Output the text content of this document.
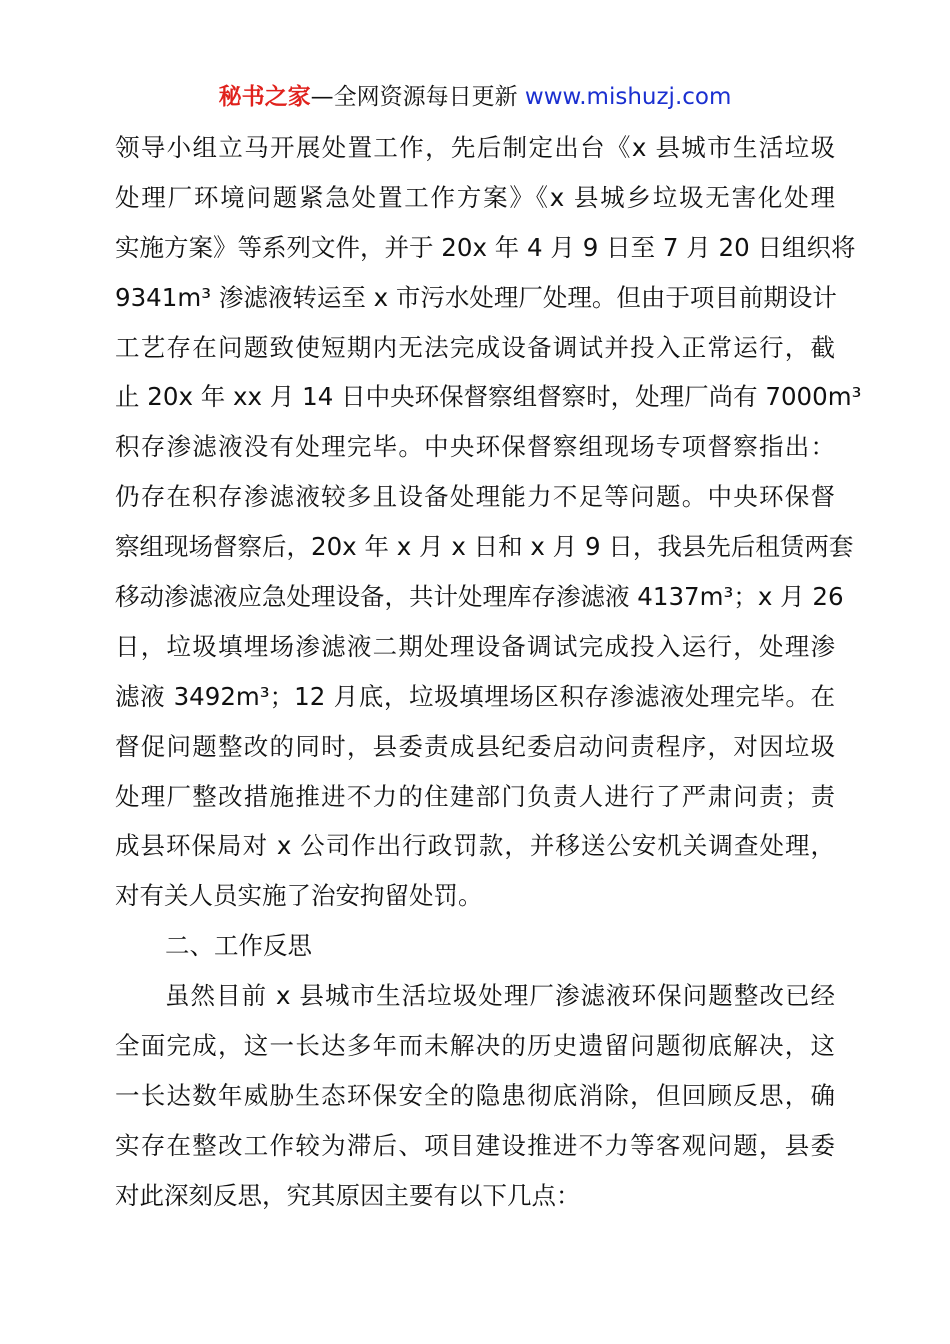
秘书之家—全网资源每日更新 www.mishuzj.com
领导小组立马开展处置工作，先后制定出台《x 县城市生活垃圾
处理厂环境问题紧急处置工作方案》《x 县城乡垃圾无害化处理
实施方案》等系列文件，并于 20x 年 4 月 9 日至 7 月 20 日组织将
9341m³ 渗滤液转运至 x 市污水处理厂处理。但由于项目前期设计
工艺存在问题致使短期内无法完成设备调试并投入正常运行，截
止 20x 年 xx 月 14 日中央环保督察组督察时，处理厂尚有 7000m³
积存渗滤液没有处理完毕。中央环保督察组现场专项督察指出：
仍存在积存渗滤液较多且设备处理能力不足等问题。中央环保督
察组现场督察后，20x 年 x 月 x 日和 x 月 9 日，我县先后租赁两套
移动渗滤液应急处理设备，共计处理库存渗滤液 4137m³；x 月 26
日，垃圾填埋场渗滤液二期处理设备调试完成投入运行，处理渗
滤液 3492m³；12 月底，垃圾填埋场区积存渗滤液处理完毕。在
督促问题整改的同时，县委责成县纪委启动问责程序，对因垃圾
处理厂整改措施推进不力的住建部门负责人进行了严肃问责；责
成县环保局对 x 公司作出行政罚款，并移送公安机关调查处理，
对有关人员实施了治安拘留处罚。
二、工作反思
虽然目前 x 县城市生活垃圾处理厂渗滤液环保问题整改已经
全面完成，这一长达多年而未解决的历史遗留问题彻底解决，这
一长达数年威胁生态环保安全的隐患彻底消除，但回顾反思，确
实存在整改工作较为滞后、项目建设推进不力等客观问题，县委
对此深刻反思，究其原因主要有以下几点：
